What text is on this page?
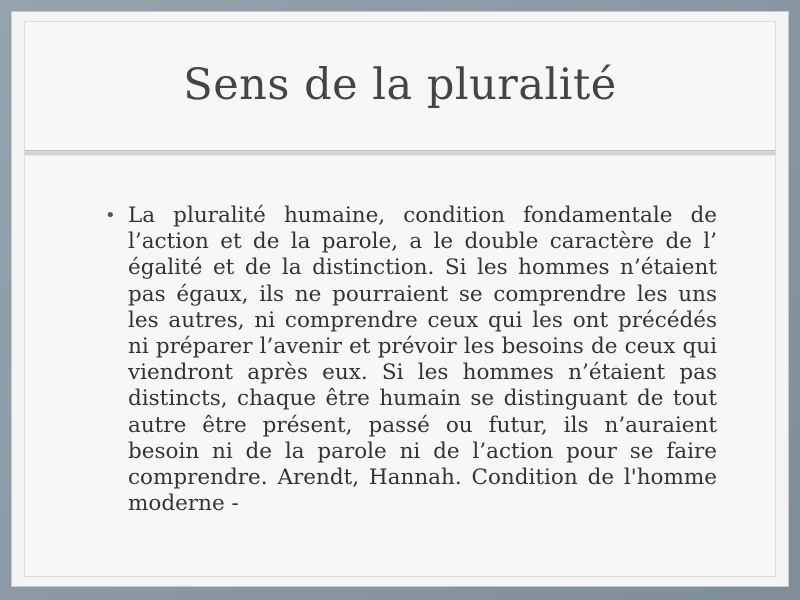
Sens de la pluralité
• La pluralité humaine, condition fondamentale de l’action et de la parole, a le double caractère de l’ égalité et de la distinction. Si les hommes n’étaient pas égaux, ils ne pourraient se comprendre les uns les autres, ni comprendre ceux qui les ont précédés ni préparer l’avenir et prévoir les besoins de ceux qui viendront après eux. Si les hommes n’étaient pas distincts, chaque être humain se distinguant de tout autre être présent, passé ou futur, ils n’auraient besoin ni de la parole ni de l’action pour se faire comprendre. Arendt, Hannah. Condition de l'homme moderne -
